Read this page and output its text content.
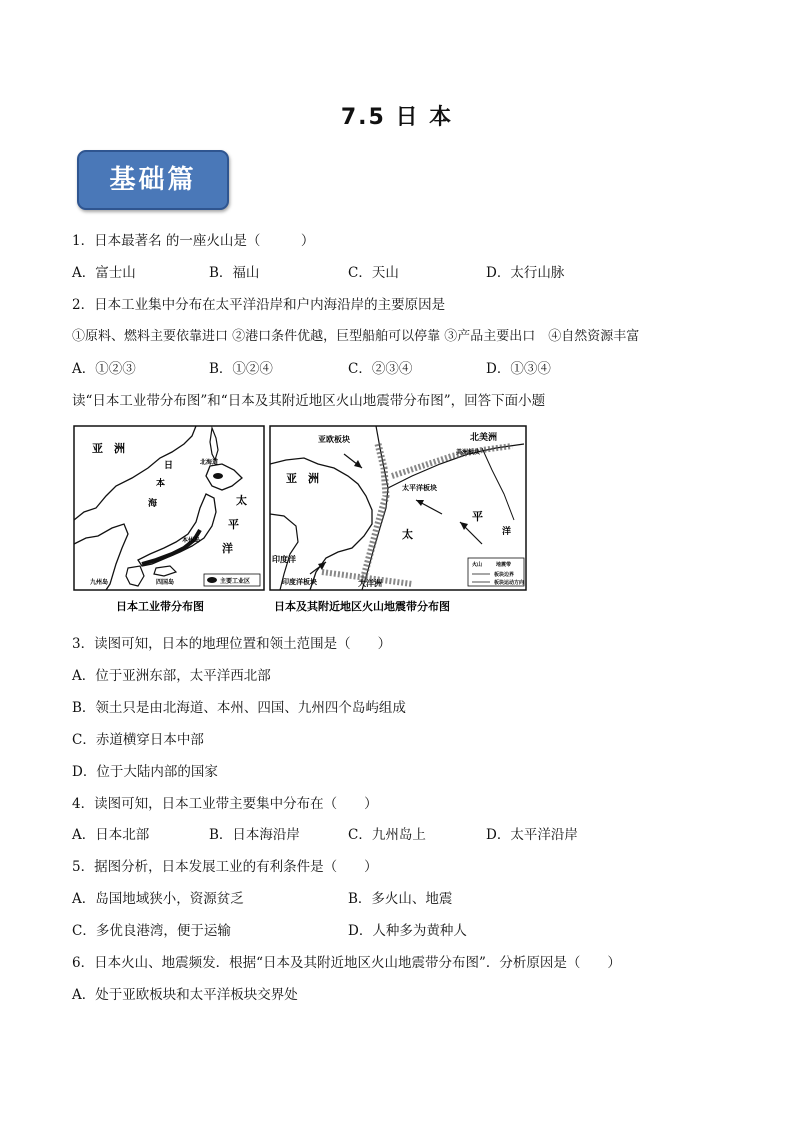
7.5 日 本
基础篇
1．日本最著名 的一座火山是（　　　）
A．富士山	B．福山	C．天山	D．太行山脉
2．日本工业集中分布在太平洋沿岸和户内海沿岸的主要原因是
①原料、燃料主要依靠进口 ②港口条件优越，巨型船舶可以停靠 ③产品主要出口　④自然资源丰富
A．①②③	B．①②④	C．②③④	D．①③④
读“日本工业带分布图”和“日本及其附近地区火山地震带分布图”，回答下面小题
亚　洲
日
本
海	太
平
洋
北海道
本州岛
九州岛	四国岛	主要工业区
日本工业带分布图
亚欧板块	北美洲
美洲板块
亚　洲
太平洋板块
太
平
洋
印度洋
印度洋板块	大洋洲
火山	地震带
板块边界
板块运动方向
日本及其附近地区火山地震带分布图
3．读图可知，日本的地理位置和领土范围是（　　）
A．位于亚洲东部，太平洋西北部
B．领土只是由北海道、本州、四国、九州四个岛屿组成
C．赤道横穿日本中部
D．位于大陆内部的国家
4．读图可知，日本工业带主要集中分布在（　　）
A．日本北部	B．日本海沿岸	C．九州岛上	D．太平洋沿岸
5．据图分析，日本发展工业的有利条件是（　　）
A．岛国地域狭小，资源贫乏	B．多火山、地震
C．多优良港湾，便于运输	D．人种多为黄种人
6．日本火山、地震频发．根据“日本及其附近地区火山地震带分布图”．分析原因是（　　）
A．处于亚欧板块和太平洋板块交界处
